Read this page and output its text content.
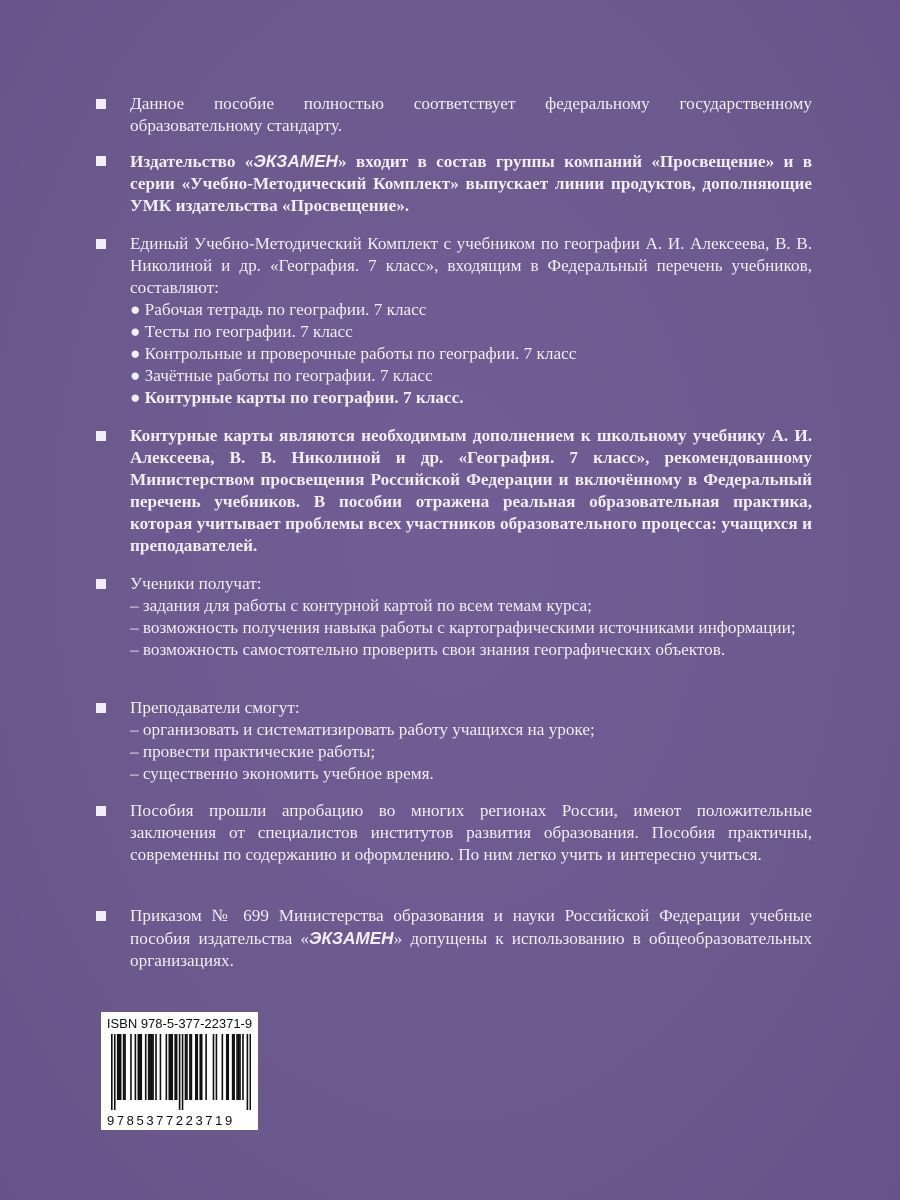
Данное пособие полностью соответствует федеральному государственному образовательному стандарту.
Издательство «ЭКЗАМЕН» входит в состав группы компаний «Просвещение» и в серии «Учебно-Методический Комплект» выпускает линии продуктов, дополняющие УМК издательства «Просвещение».
Единый Учебно-Методический Комплект с учебником по географии А. И. Алексеева, В. В. Николиной и др. «География. 7 класс», входящим в Федеральный перечень учебников, составляют:
● Рабочая тетрадь по географии. 7 класс
● Тесты по географии. 7 класс
● Контрольные и проверочные работы по географии. 7 класс
● Зачётные работы по географии. 7 класс
● Контурные карты по географии. 7 класс.
Контурные карты являются необходимым дополнением к школьному учебнику А. И. Алексеева, В. В. Николиной и др. «География. 7 класс», рекомендованному Министерством просвещения Российской Федерации и включённому в Федеральный перечень учебников. В пособии отражена реальная образовательная практика, которая учитывает проблемы всех участников образовательного процесса: учащихся и преподавателей.
Ученики получат:
– задания для работы с контурной картой по всем темам курса;
– возможность получения навыка работы с картографическими источниками информации;
– возможность самостоятельно проверить свои знания географических объектов.
Преподаватели смогут:
– организовать и систематизировать работу учащихся на уроке;
– провести практические работы;
– существенно экономить учебное время.
Пособия прошли апробацию во многих регионах России, имеют положительные заключения от специалистов институтов развития образования. Пособия практичны, современны по содержанию и оформлению. По ним легко учить и интересно учиться.
Приказом № 699 Министерства образования и науки Российской Федерации учебные пособия издательства «ЭКЗАМЕН» допущены к использованию в общеобразовательных организациях.
ISBN 978-5-377-22371-9
9785377223719
